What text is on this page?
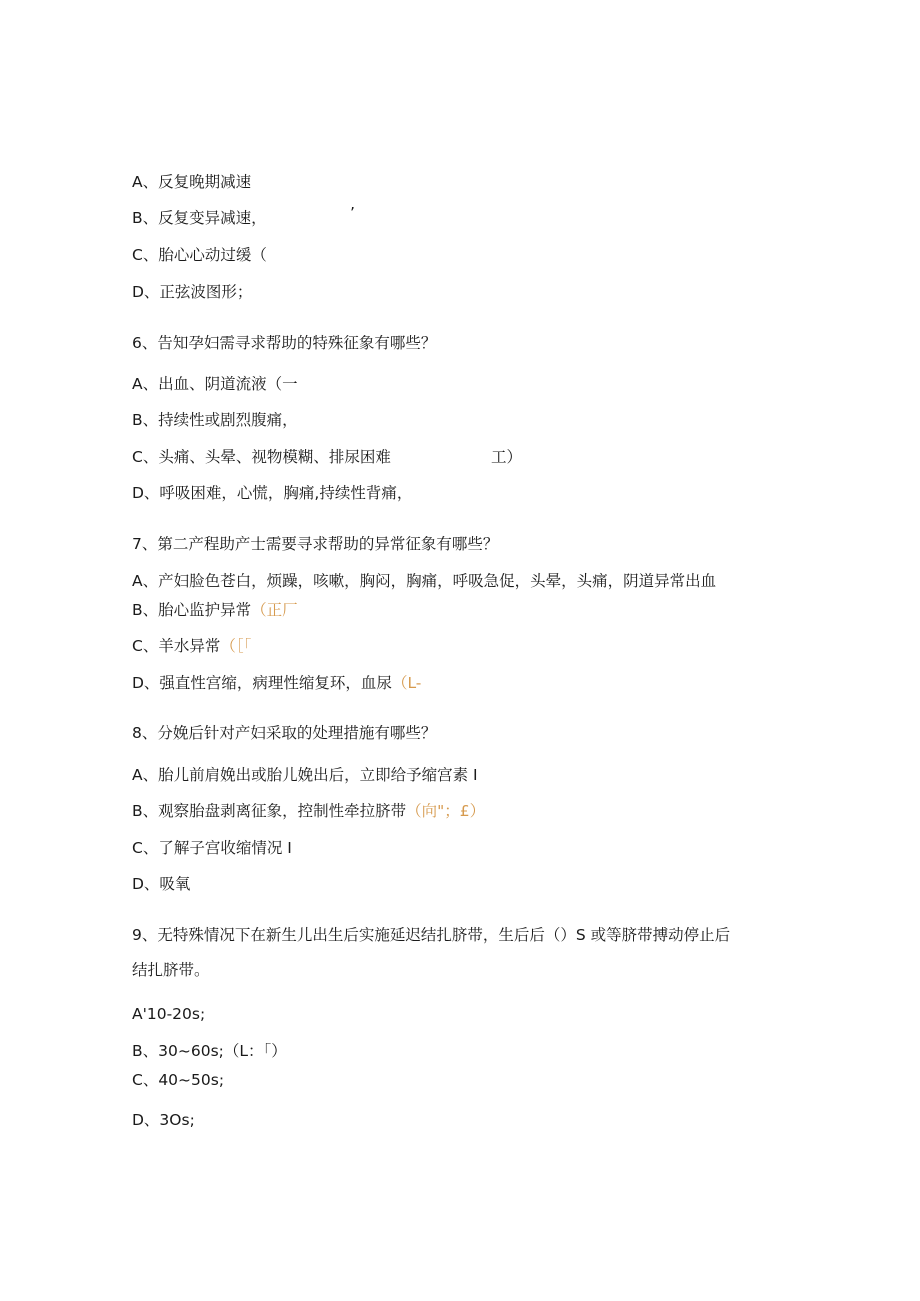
A、反复晚期减速
B、反复变异减速，	’
C、胎心心动过缓（
D、正弦波图形；
6、告知孕妇需寻求帮助的特殊征象有哪些？
A、出血、阴道流液（一
B、持续性或剧烈腹痛，
C、头痛、头晕、视物模糊、排尿困难	工）
D、呼吸困难，心慌，胸痛,持续性背痛，
7、第二产程助产士需要寻求帮助的异常征象有哪些？
A、产妇脸色苍白，烦躁，咳嗽，胸闷，胸痛，呼吸急促，头晕，头痛，阴道异常出血
B、胎心监护异常（正厂
C、羊水异常（［「
D、强直性宫缩，病理性缩复环，血尿（L-
8、分娩后针对产妇采取的处理措施有哪些？
A、胎儿前肩娩出或胎儿娩出后，立即给予缩宫素 I
B、观察胎盘剥离征象，控制性牵拉脐带（向"；£）
C、了解子宫收缩情况 I
D、吸氧
9、无特殊情况下在新生儿出生后实施延迟结扎脐带，生后后（）S 或等脐带搏动停止后
结扎脐带。
A'10-20s;
B、30~60s;（L：「）
C、40~50s;
D、3Os;
